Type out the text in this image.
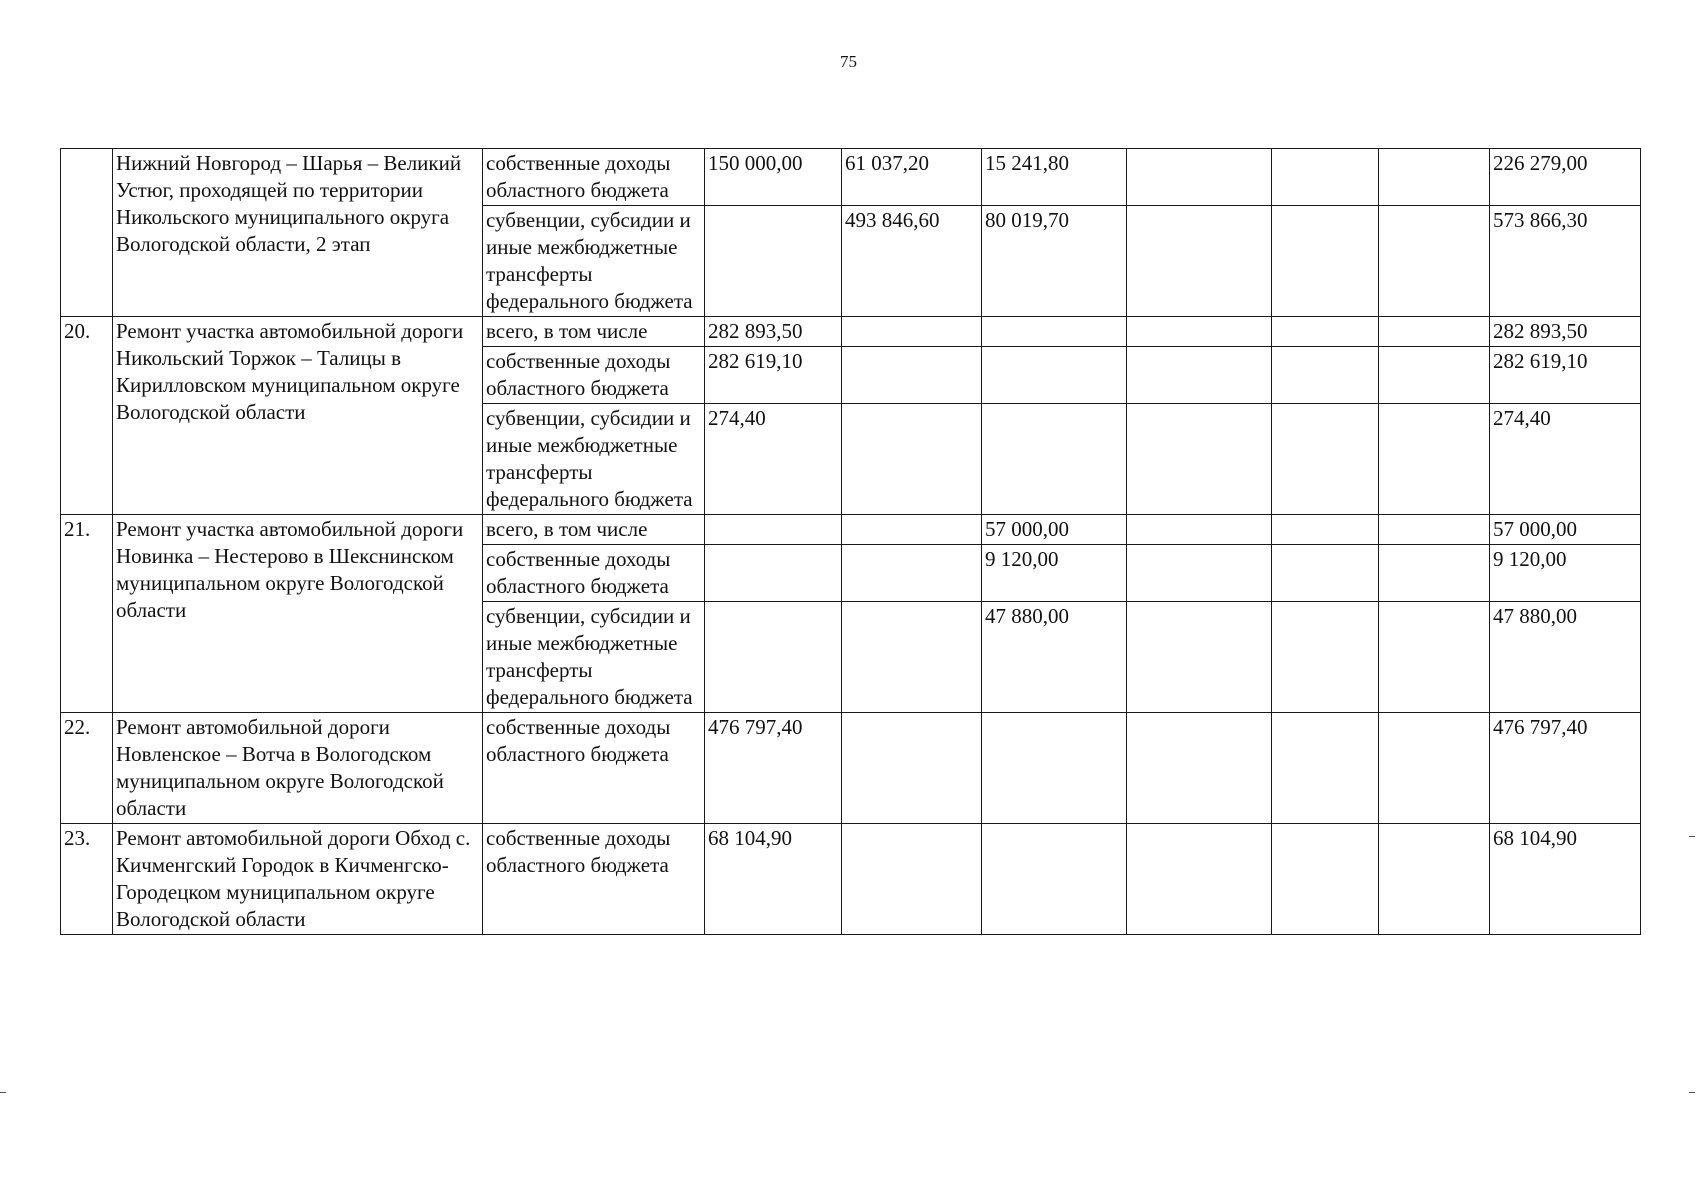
75
	Нижний Новгород – Шарья – Великий Устюг, проходящей по территории Никольского муниципального округа Вологодской области, 2 этап	собственные доходы областного бюджета	150 000,00	61 037,20	15 241,80				226 279,00
		субвенции, субсидии и иные межбюджетные трансферты федерального бюджета		493 846,60	80 019,70				573 866,30
20.	Ремонт участка автомобильной дороги Никольский Торжок – Талицы в Кирилловском муниципальном округе Вологодской области	всего, в том числе	282 893,50						282 893,50
		собственные доходы областного бюджета	282 619,10						282 619,10
		субвенции, субсидии и иные межбюджетные трансферты федерального бюджета	274,40						274,40
21.	Ремонт участка автомобильной дороги Новинка – Нестерово в Шекснинском муниципальном округе Вологодской области	всего, в том числе			57 000,00				57 000,00
		собственные доходы областного бюджета			9 120,00				9 120,00
		субвенции, субсидии и иные межбюджетные трансферты федерального бюджета			47 880,00				47 880,00
22.	Ремонт автомобильной дороги Новленское – Вотча в Вологодском муниципальном округе Вологодской области	собственные доходы областного бюджета	476 797,40						476 797,40
23.	Ремонт автомобильной дороги Обход с. Кичменгский Городок в Кичменгско-Городецком муниципальном округе Вологодской области	собственные доходы областного бюджета	68 104,90						68 104,90
